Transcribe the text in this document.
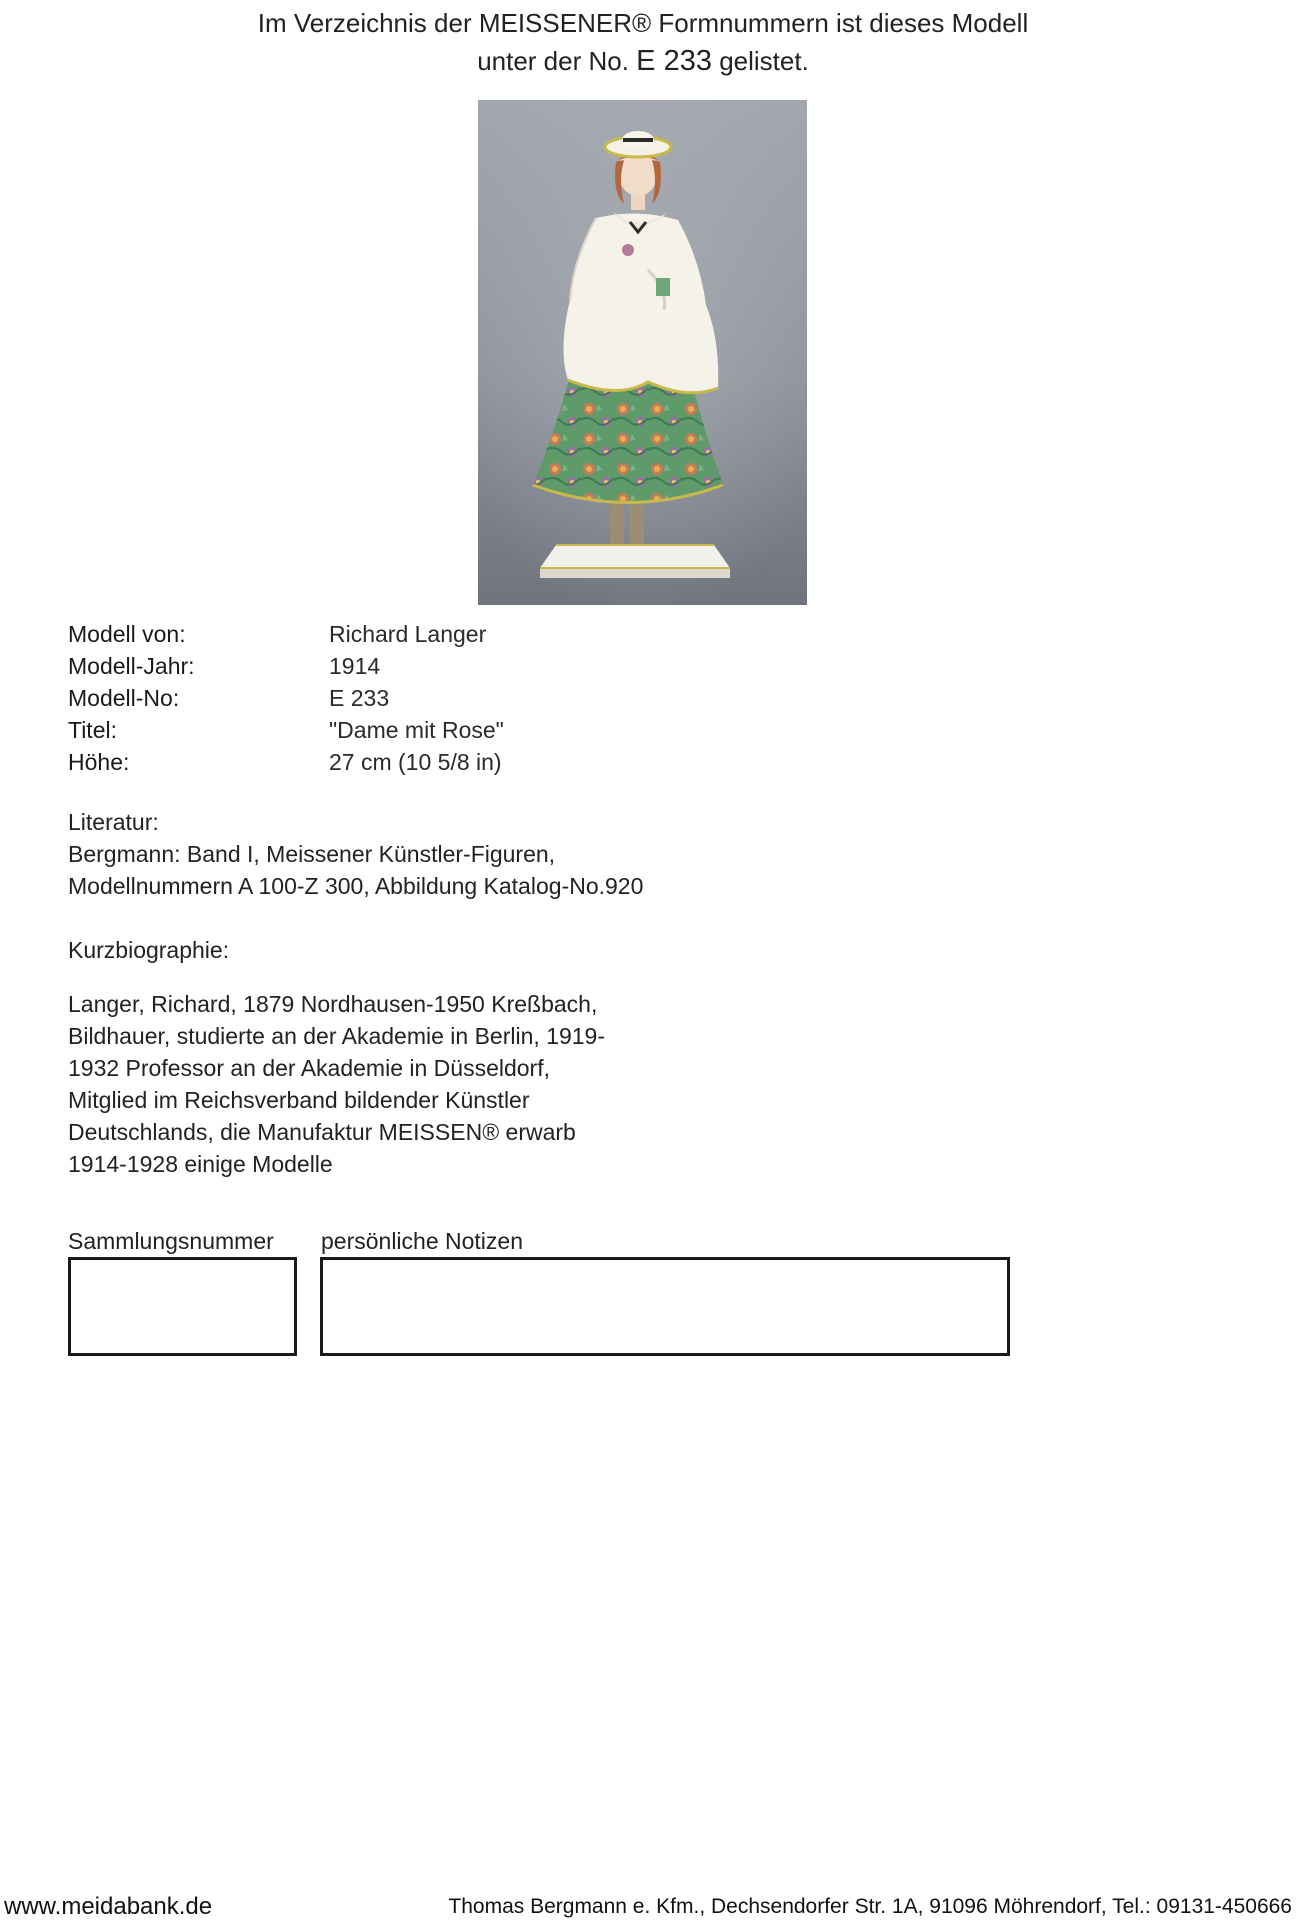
Im Verzeichnis der MEISSENER® Formnummern ist dieses Modell
unter der No. E 233 gelistet.
Modell von:	Richard Langer
Modell-Jahr:	1914
Modell-No:	E 233
Titel:	"Dame mit Rose"
Höhe:	27 cm (10 5/8 in)
Literatur:
Bergmann: Band I, Meissener Künstler-Figuren,
Modellnummern A 100-Z 300, Abbildung Katalog-No.920
Kurzbiographie:
Langer, Richard, 1879 Nordhausen-1950 Kreßbach,
Bildhauer, studierte an der Akademie in Berlin, 1919-
1932 Professor an der Akademie in Düsseldorf,
Mitglied im Reichsverband bildender Künstler
Deutschlands, die Manufaktur MEISSEN® erwarb
1914-1928 einige Modelle
Sammlungsnummer persönliche Notizen
www.meidabank.de	Thomas Bergmann e. Kfm., Dechsendorfer Str. 1A, 91096 Möhrendorf, Tel.: 09131-450666
